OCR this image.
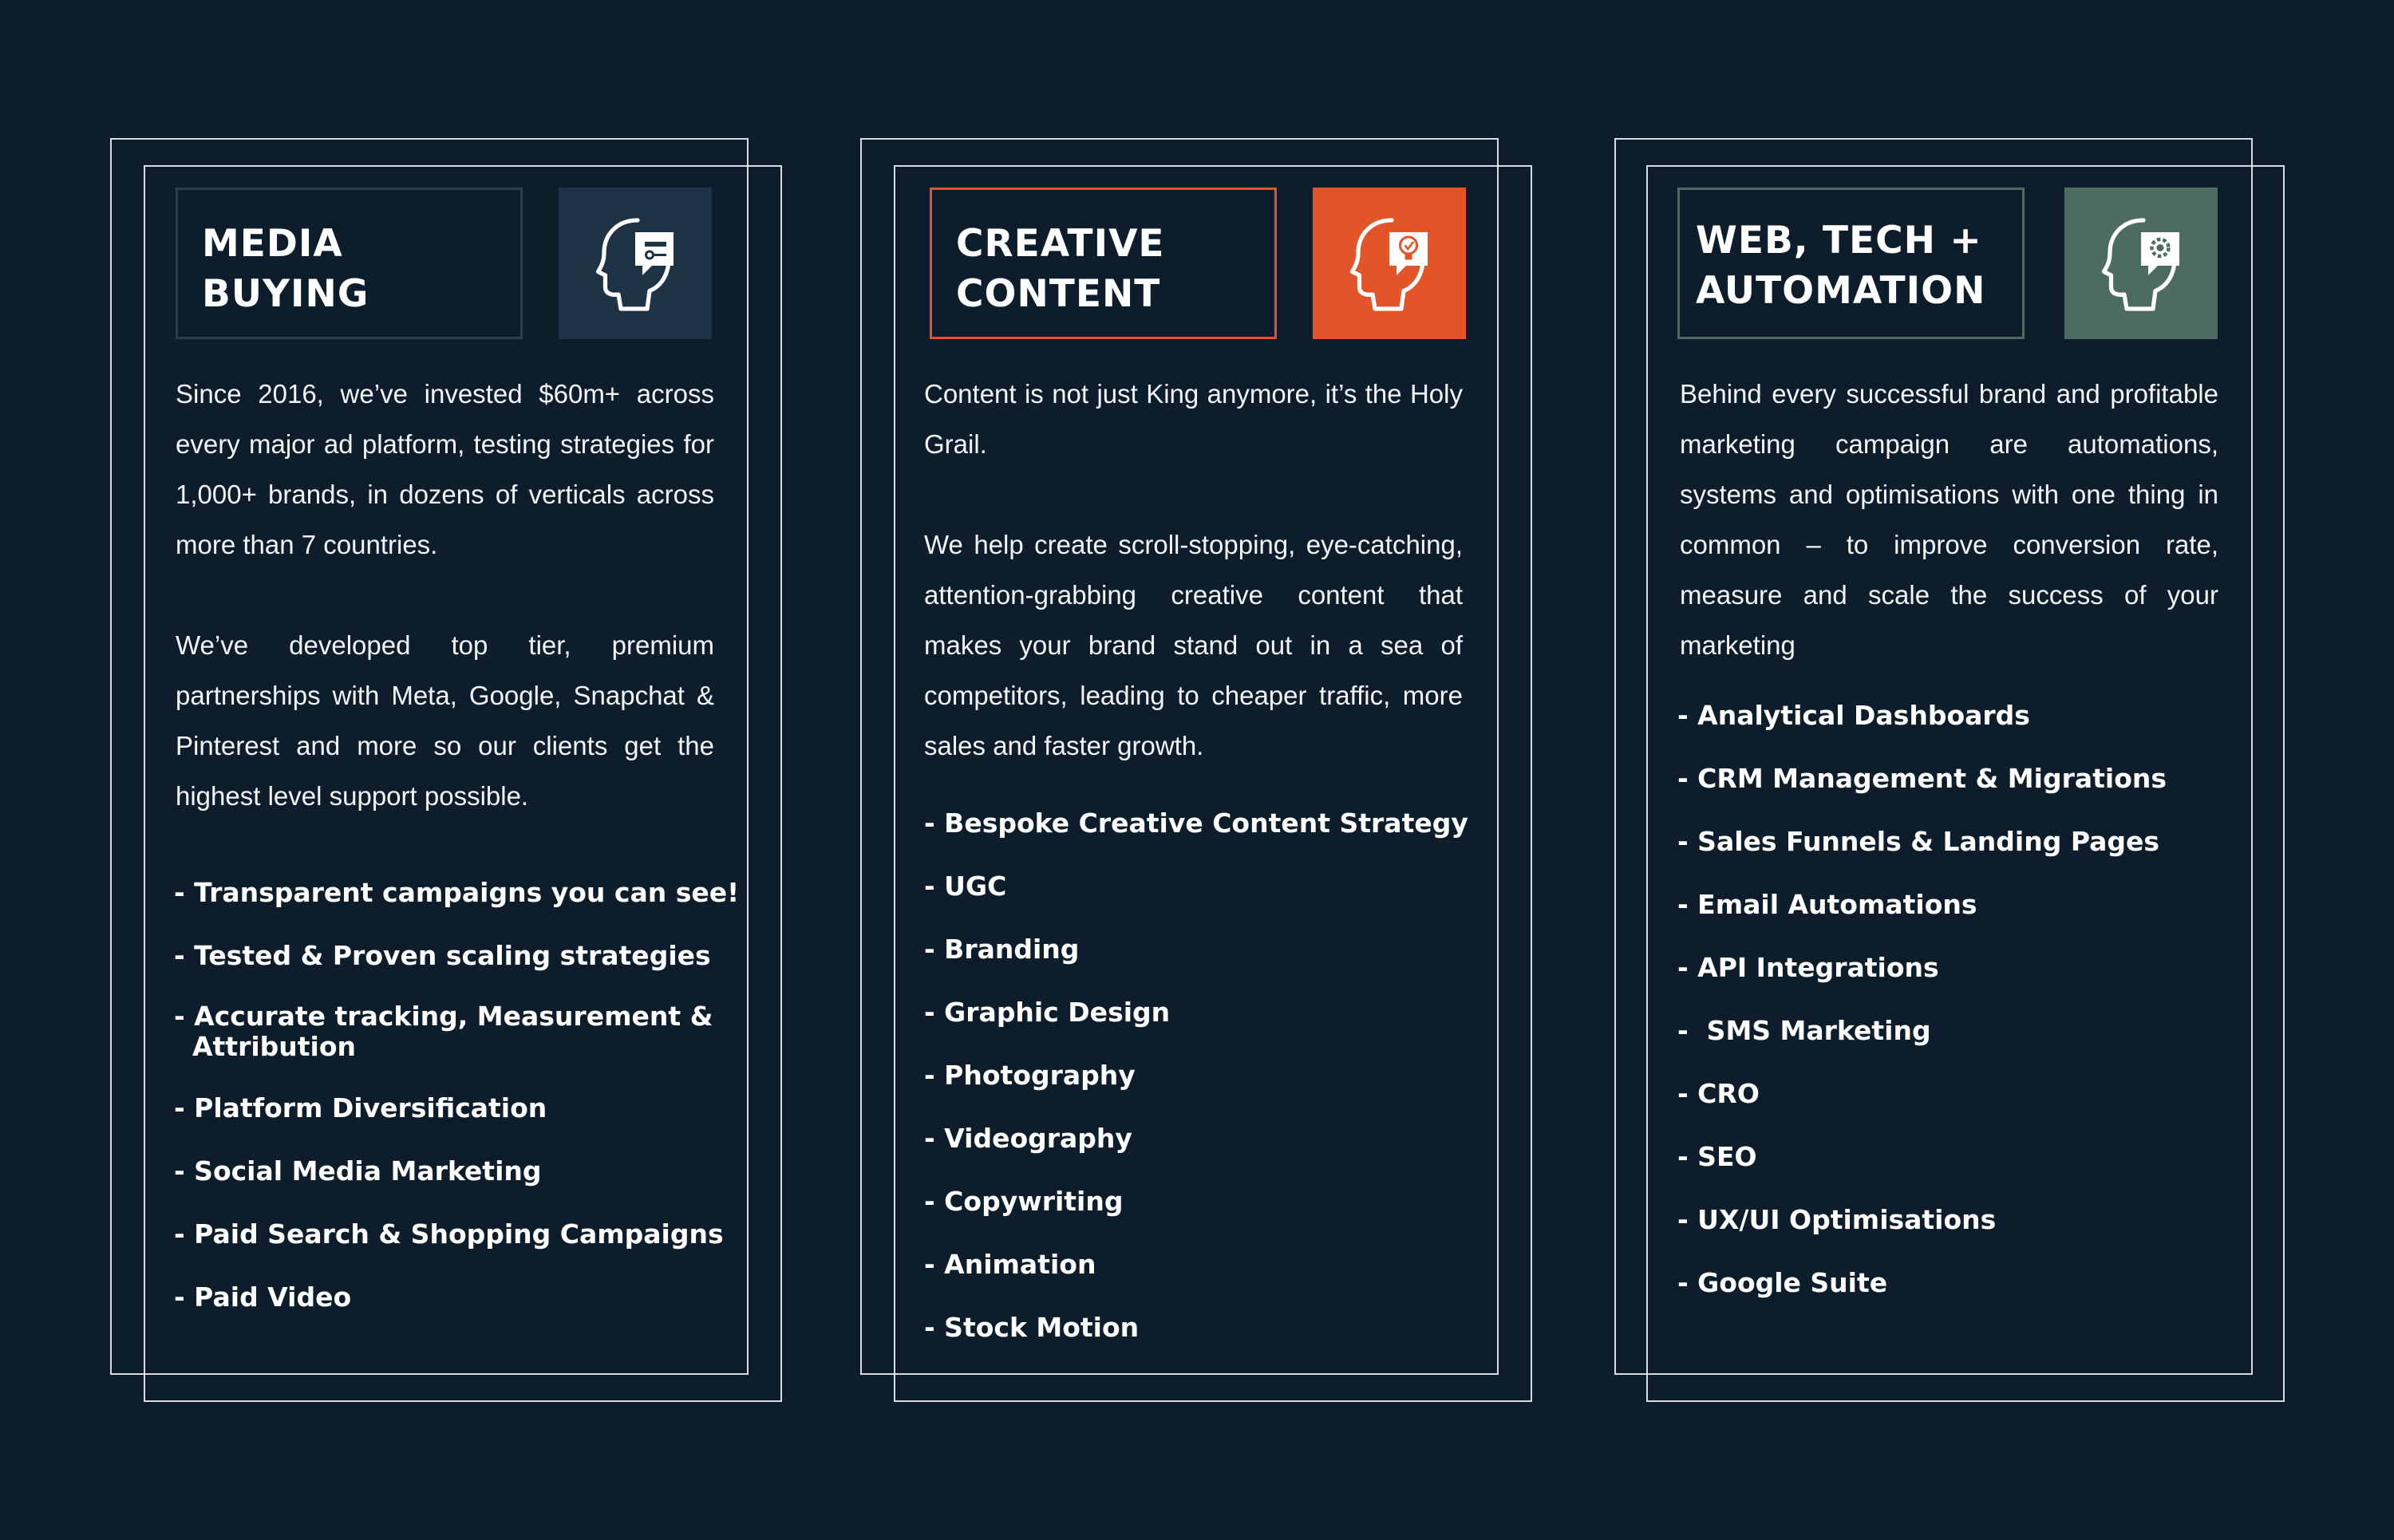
MEDIA
BUYING

Since 2016, we’ve invested $60m+ across every major ad platform, testing strategies for 1,000+ brands, in dozens of verticals across more than 7 countries.

We’ve developed top tier, premium partnerships with Meta, Google, Snapchat & Pinterest and more so our clients get the highest level support possible.

- Transparent campaigns you can see!
- Tested & Proven scaling strategies
- Accurate tracking, Measurement &
Attribution
- Platform Diversification
- Social Media Marketing
- Paid Search & Shopping Campaigns
- Paid Video
CREATIVE
CONTENT

Content is not just King anymore, it’s the Holy Grail.

We help create scroll-stopping, eye-catching, attention-grabbing creative content that makes your brand stand out in a sea of competitors, leading to cheaper traffic, more sales and faster growth.

- Bespoke Creative Content Strategy
- UGC
- Branding
- Graphic Design
- Photography
- Videography
- Copywriting
- Animation
- Stock Motion
WEB, TECH +
AUTOMATION

Behind every successful brand and profitable marketing campaign are automations, systems and optimisations with one thing in common – to improve conversion rate, measure and scale the success of your marketing

- Analytical Dashboards
- CRM Management & Migrations
- Sales Funnels & Landing Pages
- Email Automations
- API Integrations
-  SMS Marketing
- CRO
- SEO
- UX/UI Optimisations
- Google Suite
